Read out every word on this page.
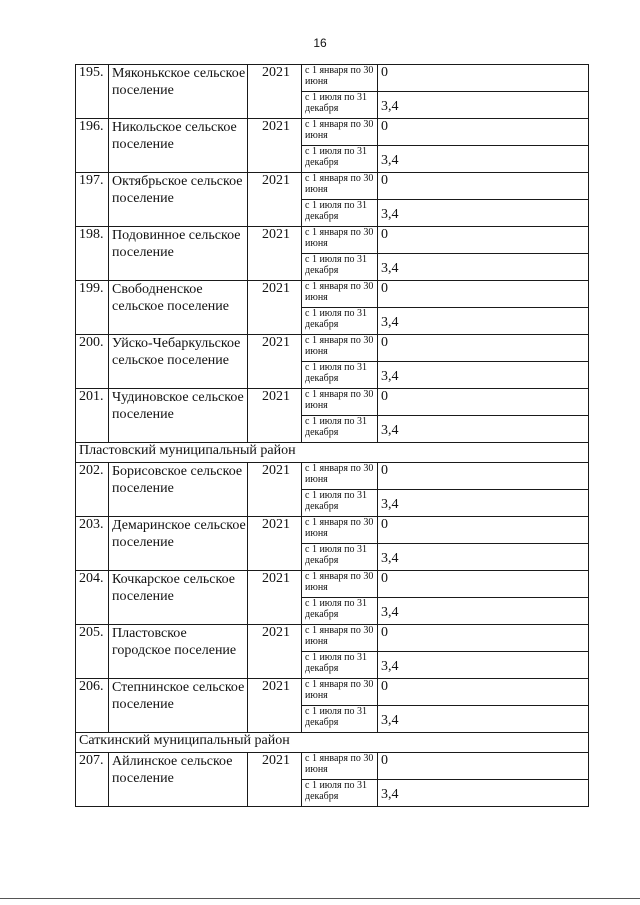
16
195.	Мяконькское сельское поселение	2021	с 1 января по 30 июня	0
			с 1 июля по 31 декабря	3,4
196.	Никольское сельское поселение	2021	с 1 января по 30 июня	0
			с 1 июля по 31 декабря	3,4
197.	Октябрьское сельское поселение	2021	с 1 января по 30 июня	0
			с 1 июля по 31 декабря	3,4
198.	Подовинное сельское поселение	2021	с 1 января по 30 июня	0
			с 1 июля по 31 декабря	3,4
199.	Свободненское сельское поселение	2021	с 1 января по 30 июня	0
			с 1 июля по 31 декабря	3,4
200.	Уйско-Чебаркульское сельское поселение	2021	с 1 января по 30 июня	0
			с 1 июля по 31 декабря	3,4
201.	Чудиновское сельское поселение	2021	с 1 января по 30 июня	0
			с 1 июля по 31 декабря	3,4
Пластовский муниципальный район				
202.	Борисовское сельское поселение	2021	с 1 января по 30 июня	0
			с 1 июля по 31 декабря	3,4
203.	Демаринское сельское поселение	2021	с 1 января по 30 июня	0
			с 1 июля по 31 декабря	3,4
204.	Кочкарское сельское поселение	2021	с 1 января по 30 июня	0
			с 1 июля по 31 декабря	3,4
205.	Пластовское городское поселение	2021	с 1 января по 30 июня	0
			с 1 июля по 31 декабря	3,4
206.	Степнинское сельское поселение	2021	с 1 января по 30 июня	0
			с 1 июля по 31 декабря	3,4
Саткинский муниципальный район				
207.	Айлинское сельское поселение	2021	с 1 января по 30 июня	0
			с 1 июля по 31 декабря	3,4
